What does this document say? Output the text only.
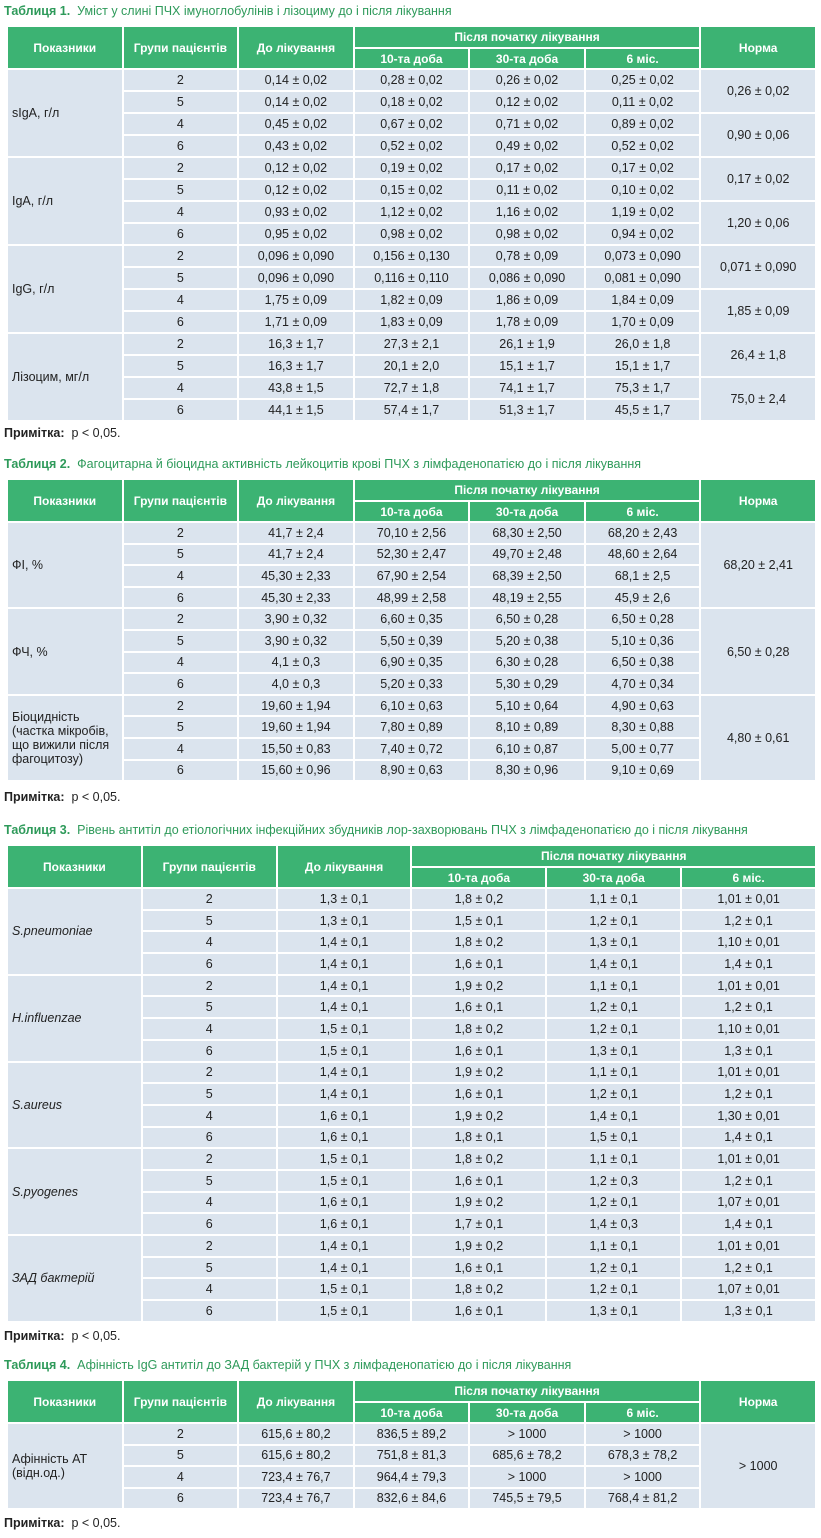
Таблиця 1. Уміст у слині ПЧХ імуноглобулінів і лізоциму до і після лікування
Показники	Групи пацієнтів	До лікування	Після початку лікування			Норма
			10-та доба	30-та доба	6 міс.	
sIgA, г/л	2	0,14 ± 0,02	0,28 ± 0,02	0,26 ± 0,02	0,25 ± 0,02	0,26 ± 0,02
	5	0,14 ± 0,02	0,18 ± 0,02	0,12 ± 0,02	0,11 ± 0,02	
	4	0,45 ± 0,02	0,67 ± 0,02	0,71 ± 0,02	0,89 ± 0,02	0,90 ± 0,06
	6	0,43 ± 0,02	0,52 ± 0,02	0,49 ± 0,02	0,52 ± 0,02	
IgA, г/л	2	0,12 ± 0,02	0,19 ± 0,02	0,17 ± 0,02	0,17 ± 0,02	0,17 ± 0,02
	5	0,12 ± 0,02	0,15 ± 0,02	0,11 ± 0,02	0,10 ± 0,02	
	4	0,93 ± 0,02	1,12 ± 0,02	1,16 ± 0,02	1,19 ± 0,02	1,20 ± 0,06
	6	0,95 ± 0,02	0,98 ± 0,02	0,98 ± 0,02	0,94 ± 0,02	
IgG, г/л	2	0,096 ± 0,090	0,156 ± 0,130	0,78 ± 0,09	0,073 ± 0,090	0,071 ± 0,090
	5	0,096 ± 0,090	0,116 ± 0,110	0,086 ± 0,090	0,081 ± 0,090	
	4	1,75 ± 0,09	1,82 ± 0,09	1,86 ± 0,09	1,84 ± 0,09	1,85 ± 0,09
	6	1,71 ± 0,09	1,83 ± 0,09	1,78 ± 0,09	1,70 ± 0,09	
Лізоцим, мг/л	2	16,3 ± 1,7	27,3 ± 2,1	26,1 ± 1,9	26,0 ± 1,8	26,4 ± 1,8
	5	16,3 ± 1,7	20,1 ± 2,0	15,1 ± 1,7	15,1 ± 1,7	
	4	43,8 ± 1,5	72,7 ± 1,8	74,1 ± 1,7	75,3 ± 1,7	75,0 ± 2,4
	6	44,1 ± 1,5	57,4 ± 1,7	51,3 ± 1,7	45,5 ± 1,7	
Примітка: р < 0,05.
Таблиця 2. Фагоцитарна й біоцидна активність лейкоцитів крові ПЧХ з лімфаденопатією до і після лікування
Показники	Групи пацієнтів	До лікування	Після початку лікування			Норма
			10-та доба	30-та доба	6 міс.	
ФІ, %	2	41,7 ± 2,4	70,10 ± 2,56	68,30 ± 2,50	68,20 ± 2,43	68,20 ± 2,41
	5	41,7 ± 2,4	52,30 ± 2,47	49,70 ± 2,48	48,60 ± 2,64	
	4	45,30 ± 2,33	67,90 ± 2,54	68,39 ± 2,50	68,1 ± 2,5	
	6	45,30 ± 2,33	48,99 ± 2,58	48,19 ± 2,55	45,9 ± 2,6	
ФЧ, %	2	3,90 ± 0,32	6,60 ± 0,35	6,50 ± 0,28	6,50 ± 0,28	6,50 ± 0,28
	5	3,90 ± 0,32	5,50 ± 0,39	5,20 ± 0,38	5,10 ± 0,36	
	4	4,1 ± 0,3	6,90 ± 0,35	6,30 ± 0,28	6,50 ± 0,38	
	6	4,0 ± 0,3	5,20 ± 0,33	5,30 ± 0,29	4,70 ± 0,34	
Біоцидність (частка мікробів, що вижили після фагоцитозу)	2	19,60 ± 1,94	6,10 ± 0,63	5,10 ± 0,64	4,90 ± 0,63	4,80 ± 0,61
	5	19,60 ± 1,94	7,80 ± 0,89	8,10 ± 0,89	8,30 ± 0,88	
	4	15,50 ± 0,83	7,40 ± 0,72	6,10 ± 0,87	5,00 ± 0,77	
	6	15,60 ± 0,96	8,90 ± 0,63	8,30 ± 0,96	9,10 ± 0,69	
Примітка: р < 0,05.
Таблиця 3. Рівень антитіл до етіологічних інфекційних збудників лор-захворювань ПЧХ з лімфаденопатією до і після лікування
Показники	Групи пацієнтів	До лікування	Після початку лікування		
			10-та доба	30-та доба	6 міс.
S.pneumoniae	2	1,3 ± 0,1	1,8 ± 0,2	1,1 ± 0,1	1,01 ± 0,01
	5	1,3 ± 0,1	1,5 ± 0,1	1,2 ± 0,1	1,2 ± 0,1
	4	1,4 ± 0,1	1,8 ± 0,2	1,3 ± 0,1	1,10 ± 0,01
	6	1,4 ± 0,1	1,6 ± 0,1	1,4 ± 0,1	1,4 ± 0,1
H.influenzae	2	1,4 ± 0,1	1,9 ± 0,2	1,1 ± 0,1	1,01 ± 0,01
	5	1,4 ± 0,1	1,6 ± 0,1	1,2 ± 0,1	1,2 ± 0,1
	4	1,5 ± 0,1	1,8 ± 0,2	1,2 ± 0,1	1,10 ± 0,01
	6	1,5 ± 0,1	1,6 ± 0,1	1,3 ± 0,1	1,3 ± 0,1
S.aureus	2	1,4 ± 0,1	1,9 ± 0,2	1,1 ± 0,1	1,01 ± 0,01
	5	1,4 ± 0,1	1,6 ± 0,1	1,2 ± 0,1	1,2 ± 0,1
	4	1,6 ± 0,1	1,9 ± 0,2	1,4 ± 0,1	1,30 ± 0,01
	6	1,6 ± 0,1	1,8 ± 0,1	1,5 ± 0,1	1,4 ± 0,1
S.pyogenes	2	1,5 ± 0,1	1,8 ± 0,2	1,1 ± 0,1	1,01 ± 0,01
	5	1,5 ± 0,1	1,6 ± 0,1	1,2 ± 0,3	1,2 ± 0,1
	4	1,6 ± 0,1	1,9 ± 0,2	1,2 ± 0,1	1,07 ± 0,01
	6	1,6 ± 0,1	1,7 ± 0,1	1,4 ± 0,3	1,4 ± 0,1
ЗАД бактерій	2	1,4 ± 0,1	1,9 ± 0,2	1,1 ± 0,1	1,01 ± 0,01
	5	1,4 ± 0,1	1,6 ± 0,1	1,2 ± 0,1	1,2 ± 0,1
	4	1,5 ± 0,1	1,8 ± 0,2	1,2 ± 0,1	1,07 ± 0,01
	6	1,5 ± 0,1	1,6 ± 0,1	1,3 ± 0,1	1,3 ± 0,1
Примітка: р < 0,05.
Таблиця 4. Афінність IgG антитіл до ЗАД бактерій у ПЧХ з лімфаденопатією до і після лікування
Показники	Групи пацієнтів	До лікування	Після початку лікування			Норма
			10-та доба	30-та доба	6 міс.	
Афінність АТ (відн.од.)	2	615,6 ± 80,2	836,5 ± 89,2	> 1000	> 1000	> 1000
	5	615,6 ± 80,2	751,8 ± 81,3	685,6 ± 78,2	678,3 ± 78,2	
	4	723,4 ± 76,7	964,4 ± 79,3	> 1000	> 1000	
	6	723,4 ± 76,7	832,6 ± 84,6	745,5 ± 79,5	768,4 ± 81,2	
Примітка: р < 0,05.
